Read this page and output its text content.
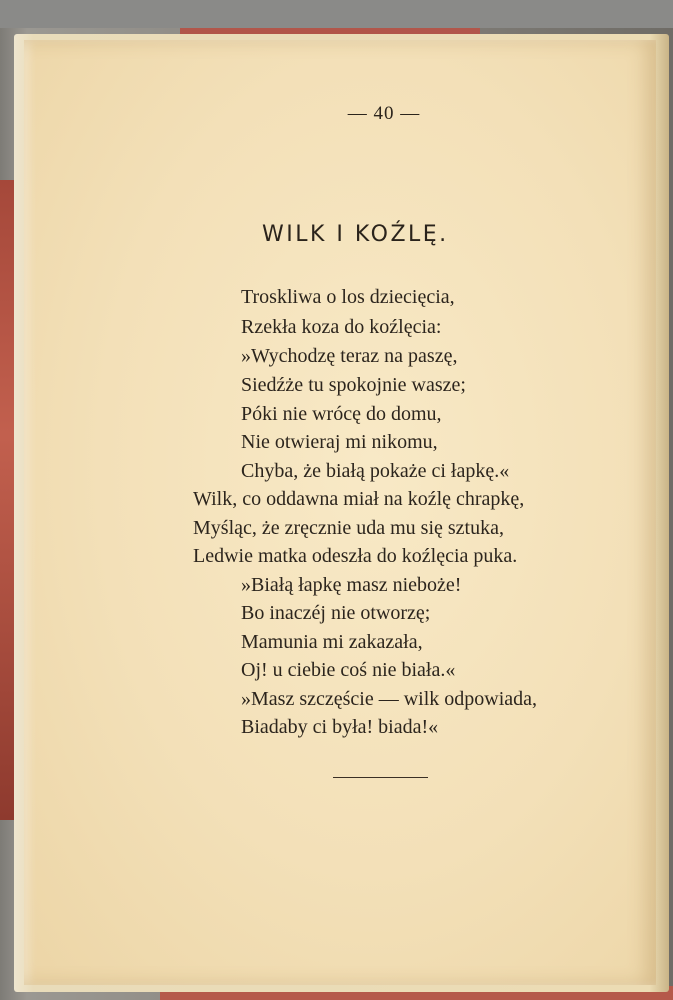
— 40 —
WILK I KOŹLĘ.
Troskliwa o los dziecięcia,
Rzekła koza do koźlęcia:
»Wychodzę teraz na paszę,
Siedźże tu spokojnie wasze;
Póki nie wrócę do domu,
Nie otwieraj mi nikomu,
Chyba, że białą pokaże ci łapkę.«
Wilk, co oddawna miał na koźlę chrapkę,
Myśląc, że zręcznie uda mu się sztuka,
Ledwie matka odeszła do koźlęcia puka.
»Białą łapkę masz nieboże!
Bo inaczéj nie otworzę;
Mamunia mi zakazała,
Oj! u ciebie coś nie biała.«
»Masz szczęście — wilk odpowiada,
Biadaby ci była! biada!«
